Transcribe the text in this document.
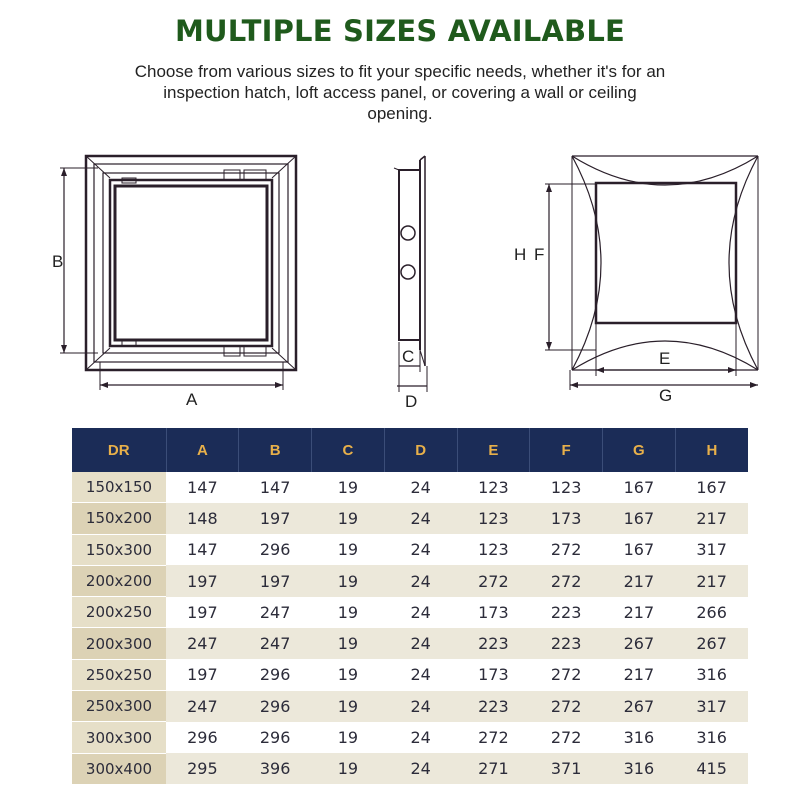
MULTIPLE SIZES AVAILABLE
Choose from various sizes to fit your specific needs, whether it's for an inspection hatch, loft access panel, or covering a wall or ceiling opening.
B
A
C
D
H F
E
G
DR	A	B	C	D	E	F	G	H
150x150	147	147	19	24	123	123	167	167
150x200	148	197	19	24	123	173	167	217
150x300	147	296	19	24	123	272	167	317
200x200	197	197	19	24	272	272	217	217
200x250	197	247	19	24	173	223	217	266
200x300	247	247	19	24	223	223	267	267
250x250	197	296	19	24	173	272	217	316
250x300	247	296	19	24	223	272	267	317
300x300	296	296	19	24	272	272	316	316
300x400	295	396	19	24	271	371	316	415
